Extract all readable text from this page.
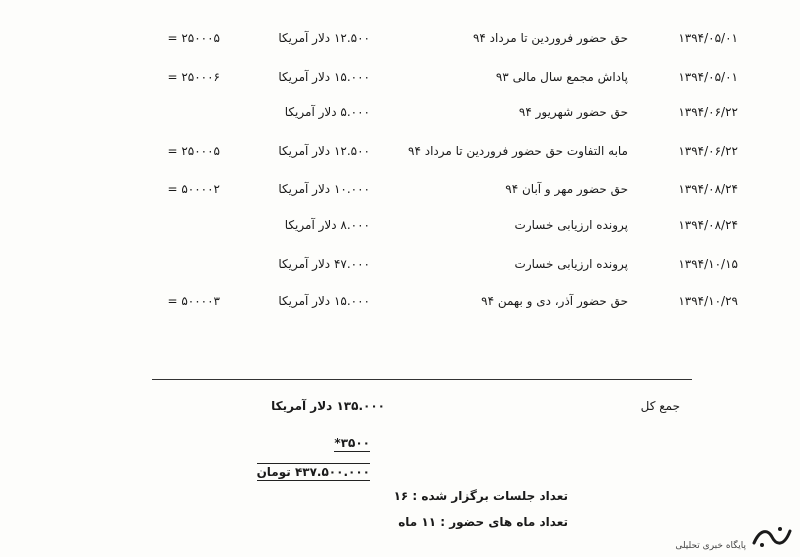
۱۳۹۴/۰۵/۰۱
حق حضور فروردین تا مرداد ۹۴
۱۲.۵۰۰ دلار آمریکا
۲۵۰۰۰۵ =
۱۳۹۴/۰۵/۰۱
پاداش مجمع سال مالی ۹۳
۱۵.۰۰۰ دلار آمریکا
۲۵۰۰۰۶ =
۱۳۹۴/۰۶/۲۲
حق حضور شهریور ۹۴
۵.۰۰۰ دلار آمریکا
۱۳۹۴/۰۶/۲۲
مابه التفاوت حق حضور فروردین تا مرداد ۹۴
۱۲.۵۰۰ دلار آمریکا
۲۵۰۰۰۵ =
۱۳۹۴/۰۸/۲۴
حق حضور مهر و آبان ۹۴
۱۰.۰۰۰ دلار آمریکا
۵۰۰۰۰۲ =
۱۳۹۴/۰۸/۲۴
پرونده ارزیابی خسارت
۸.۰۰۰ دلار آمریکا
۱۳۹۴/۱۰/۱۵
پرونده ارزیابی خسارت
۴۷.۰۰۰ دلار آمریکا
۱۳۹۴/۱۰/۲۹
حق حضور آذر، دی و بهمن ۹۴
۱۵.۰۰۰ دلار آمریکا
۵۰۰۰۰۳ =
جمع کل
۱۳۵.۰۰۰ دلار آمریکا
۳۵۰۰*
۴۳۷.۵۰۰.۰۰۰ تومان
تعداد جلسات برگزار شده : ۱۶
تعداد ماه های حضور : ۱۱ ماه
پایگاه خبری تحلیلی
